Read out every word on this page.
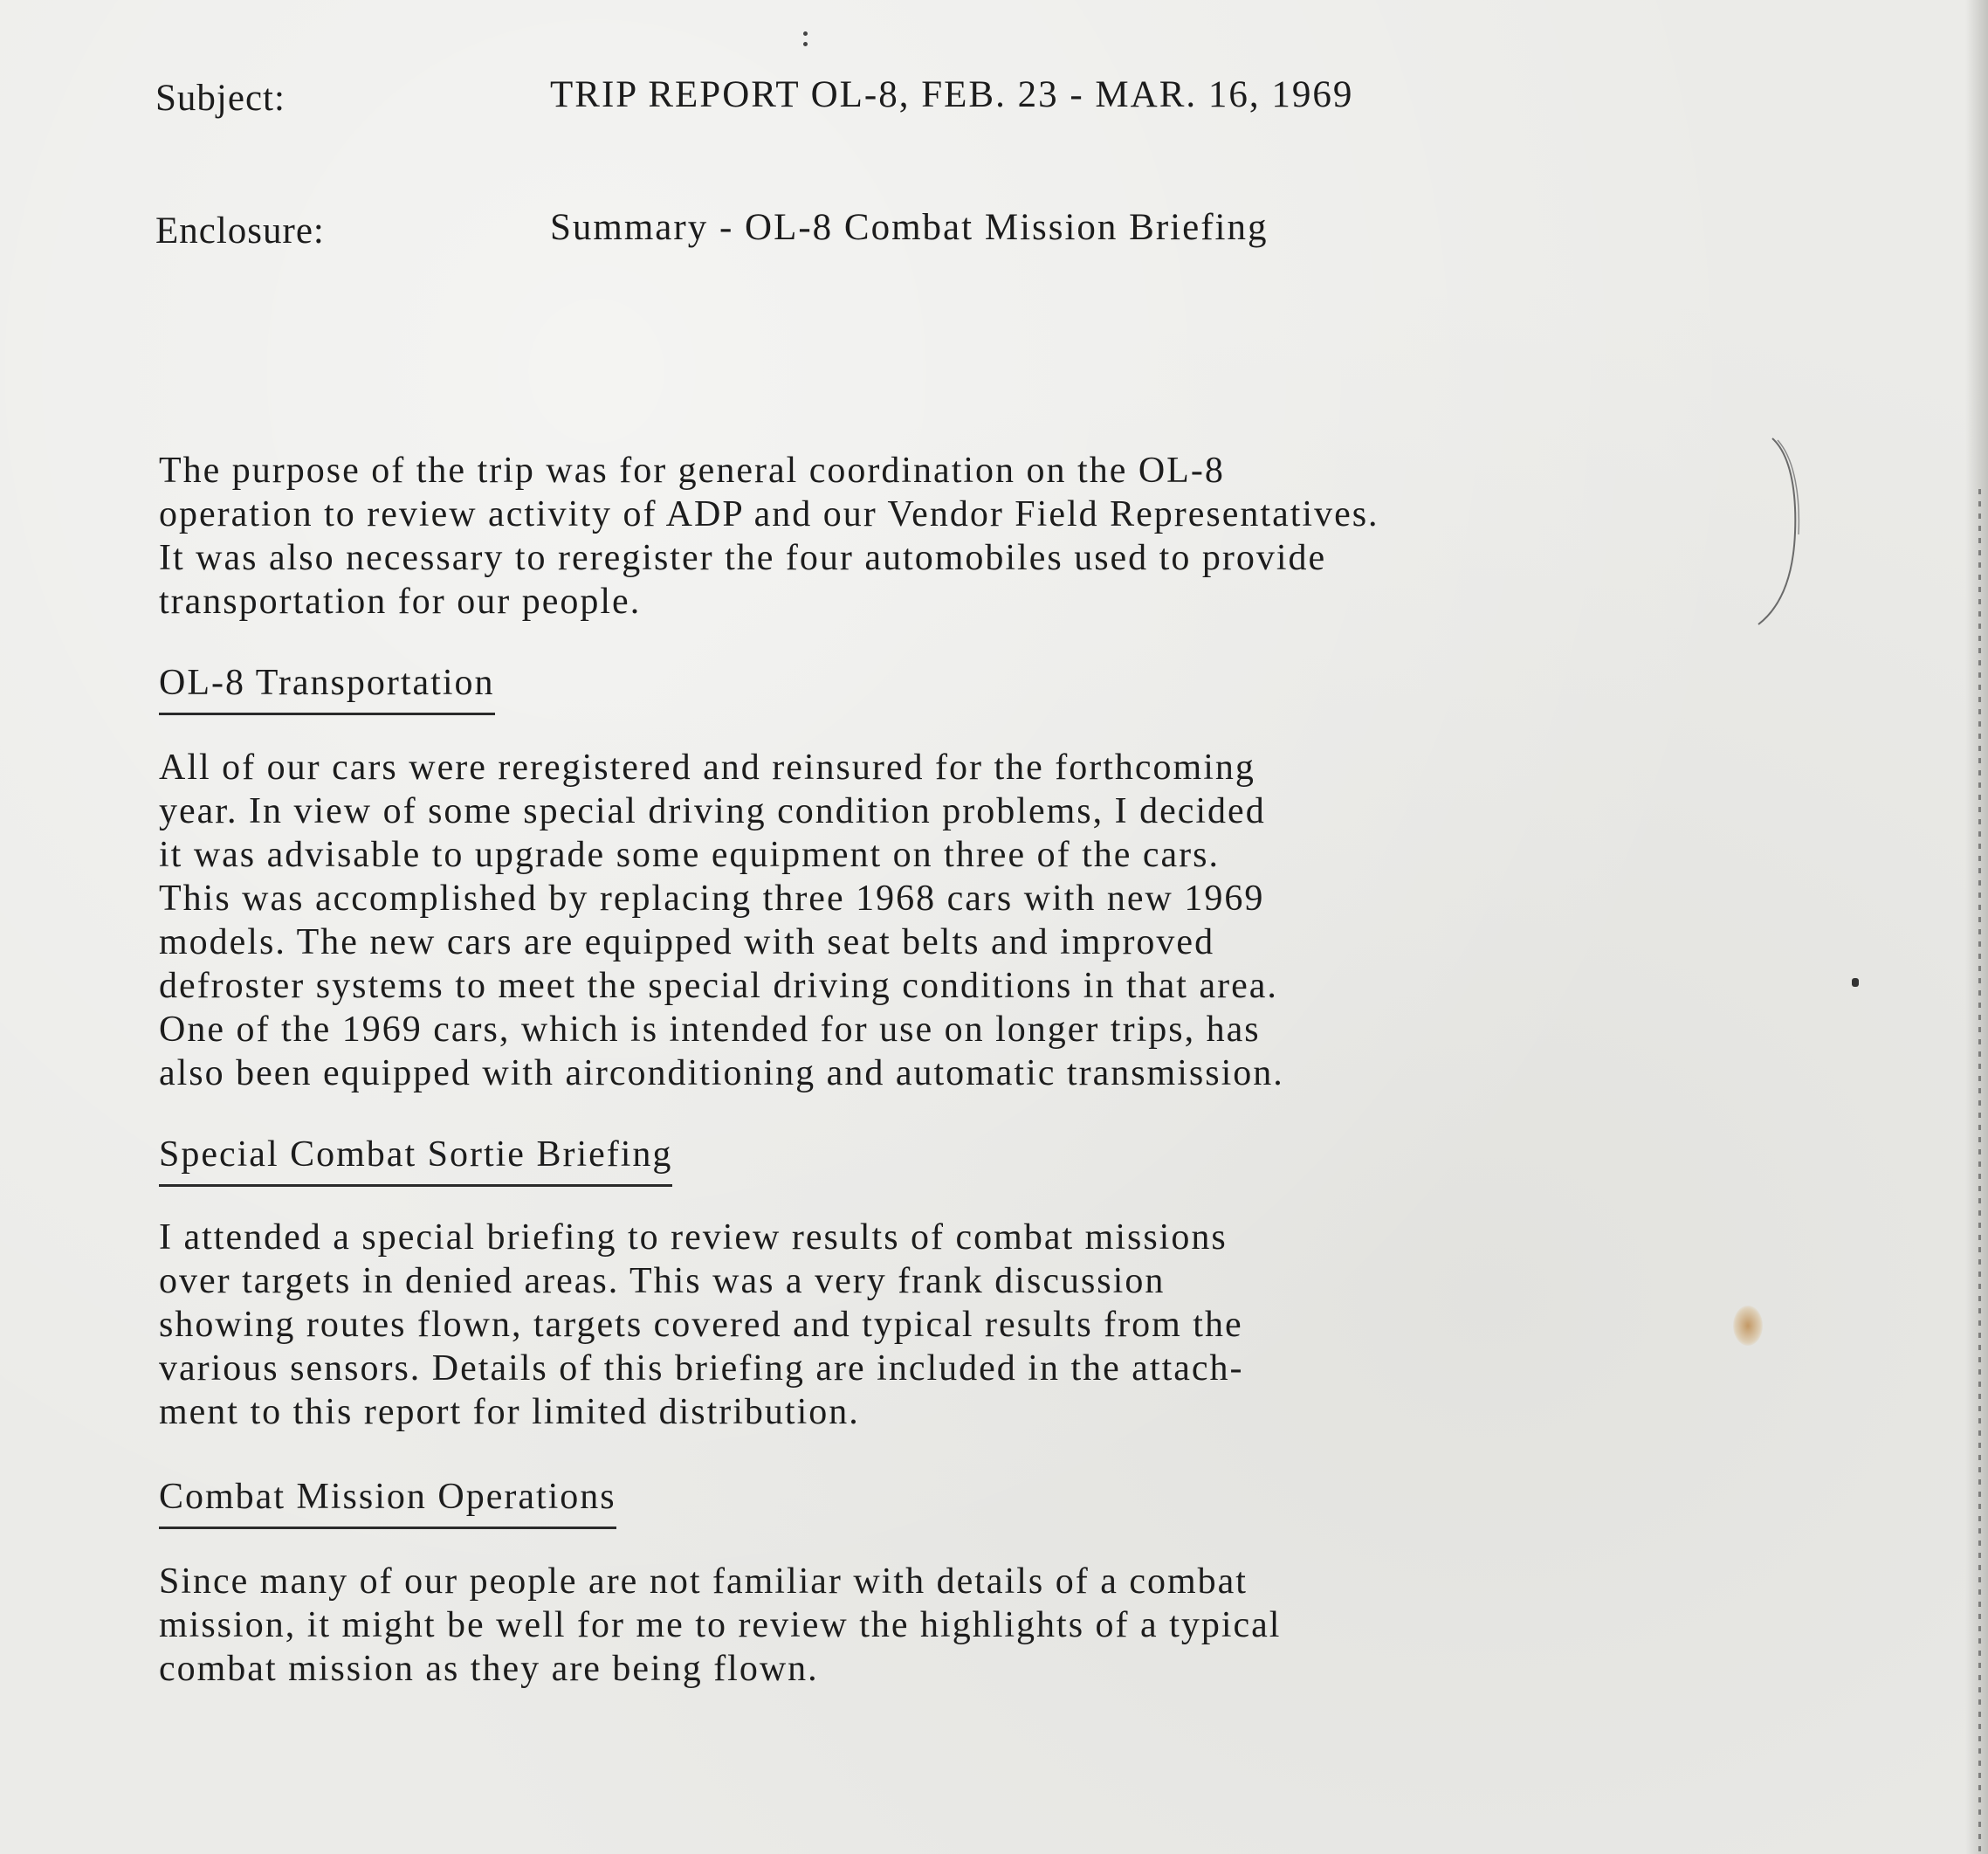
Subject:	TRIP REPORT OL-8, FEB. 23 - MAR. 16, 1969
Enclosure:	Summary - OL-8 Combat Mission Briefing
The purpose of the trip was for general coordination on the OL-8
operation to review activity of ADP and our Vendor Field Representatives.
It was also necessary to reregister the four automobiles used to provide
transportation for our people.
OL-8 Transportation
All of our cars were reregistered and reinsured for the forthcoming
year. In view of some special driving condition problems, I decided
it was advisable to upgrade some equipment on three of the cars.
This was accomplished by replacing three 1968 cars with new 1969
models. The new cars are equipped with seat belts and improved
defroster systems to meet the special driving conditions in that area.
One of the 1969 cars, which is intended for use on longer trips, has
also been equipped with airconditioning and automatic transmission.
Special Combat Sortie Briefing
I attended a special briefing to review results of combat missions
over targets in denied areas. This was a very frank discussion
showing routes flown, targets covered and typical results from the
various sensors. Details of this briefing are included in the attach-
ment to this report for limited distribution.
Combat Mission Operations
Since many of our people are not familiar with details of a combat
mission, it might be well for me to review the highlights of a typical
combat mission as they are being flown.
